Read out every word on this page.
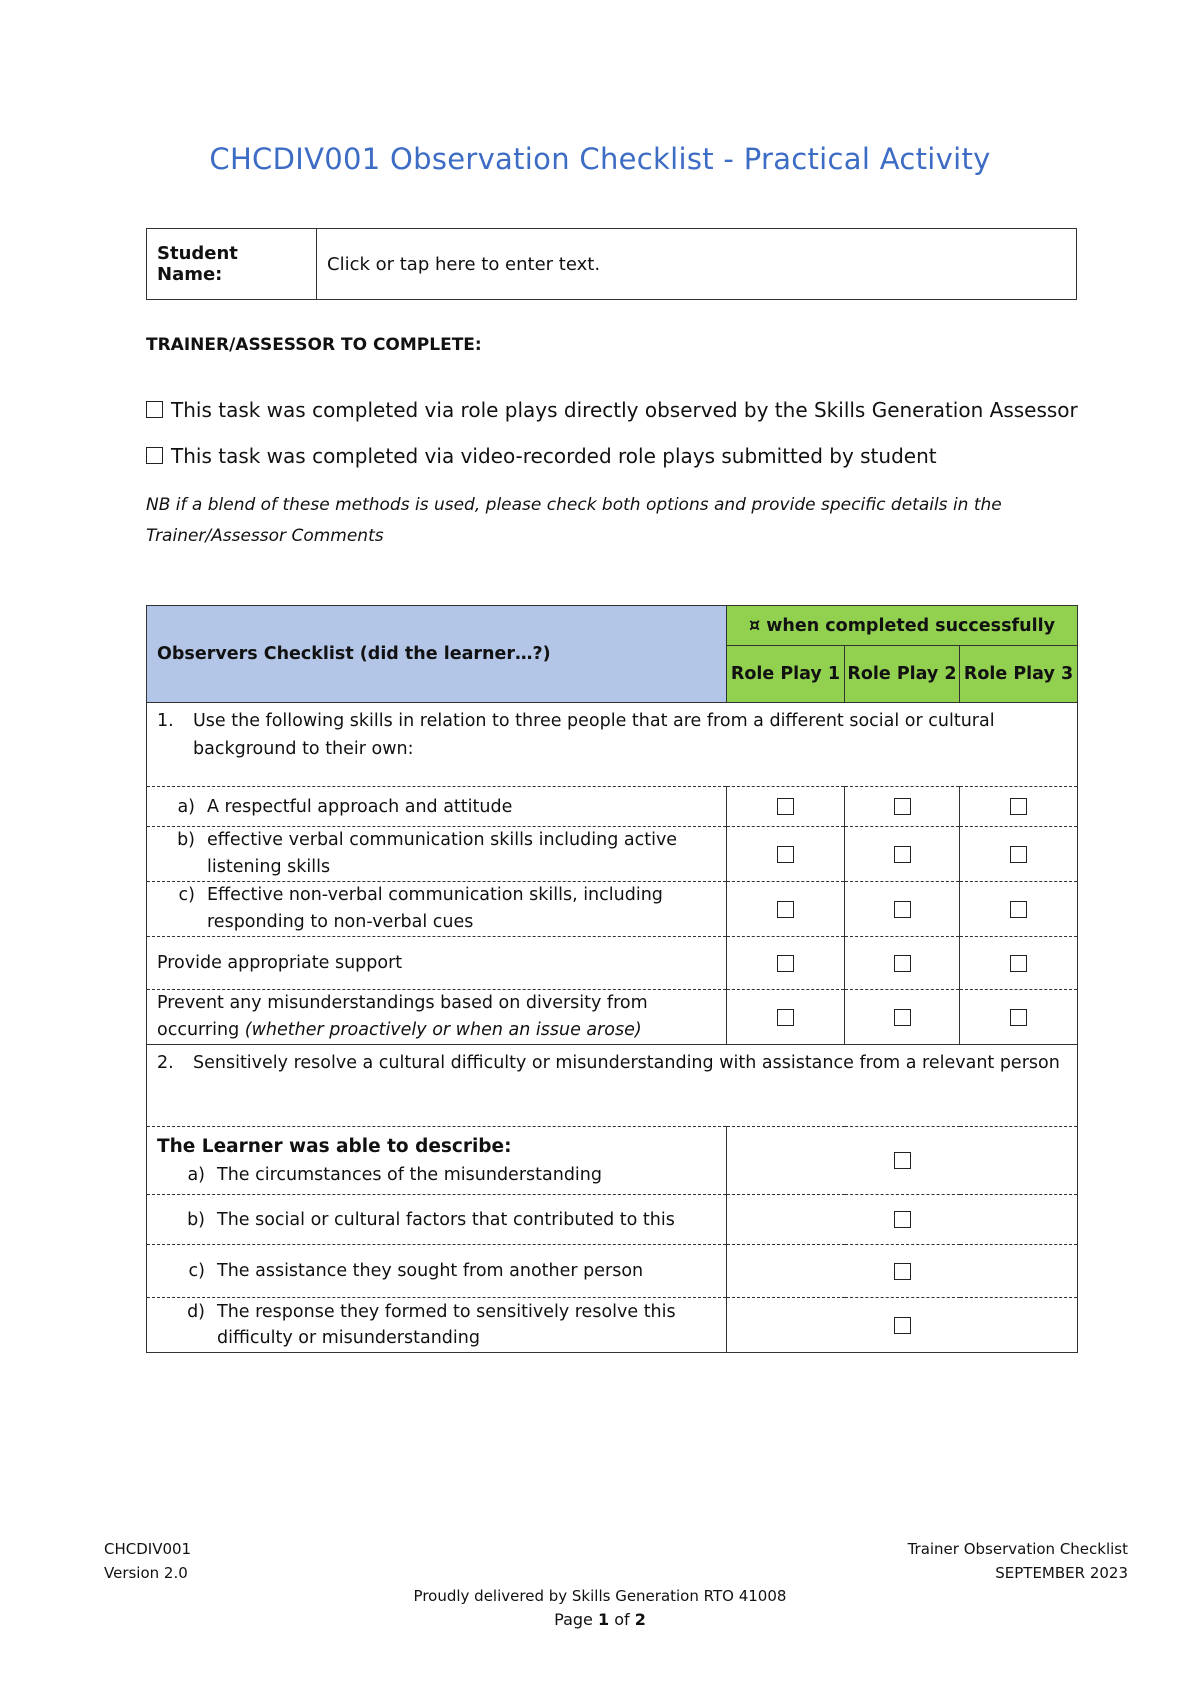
CHCDIV001 Observation Checklist - Practical Activity
Student Name:	Click or tap here to enter text.
TRAINER/ASSESSOR TO COMPLETE:
This task was completed via role plays directly observed by the Skills Generation Assessor
This task was completed via video-recorded role plays submitted by student
NB if a blend of these methods is used, please check both options and provide specific details in the Trainer/Assessor Comments
Observers Checklist (did the learner…?)	¤ when completed successfully		
	Role Play 1	Role Play 2	Role Play 3

1. Use the following skills in relation to three people that are from a different social or cultural background to their own:			

a) A respectful approach and attitude			

b) effective verbal communication skills including active listening skills			

c) Effective non-verbal communication skills, including responding to non-verbal cues			

Provide appropriate support			
Prevent any misunderstandings based on diversity from occurring (whether proactively or when an issue arose)			

2. Sensitively resolve a cultural difficulty or misunderstanding with assistance from a relevant person			

The Learner was able to describe:
a) The circumstances of the misunderstanding			

b) The social or cultural factors that contributed to this			

c) The assistance they sought from another person			

d) The response they formed to sensitively resolve this difficulty or misunderstanding			

CHCDIV001
Version 2.0
Trainer Observation Checklist
SEPTEMBER 2023
Proudly delivered by Skills Generation RTO 41008
Page 1 of 2
